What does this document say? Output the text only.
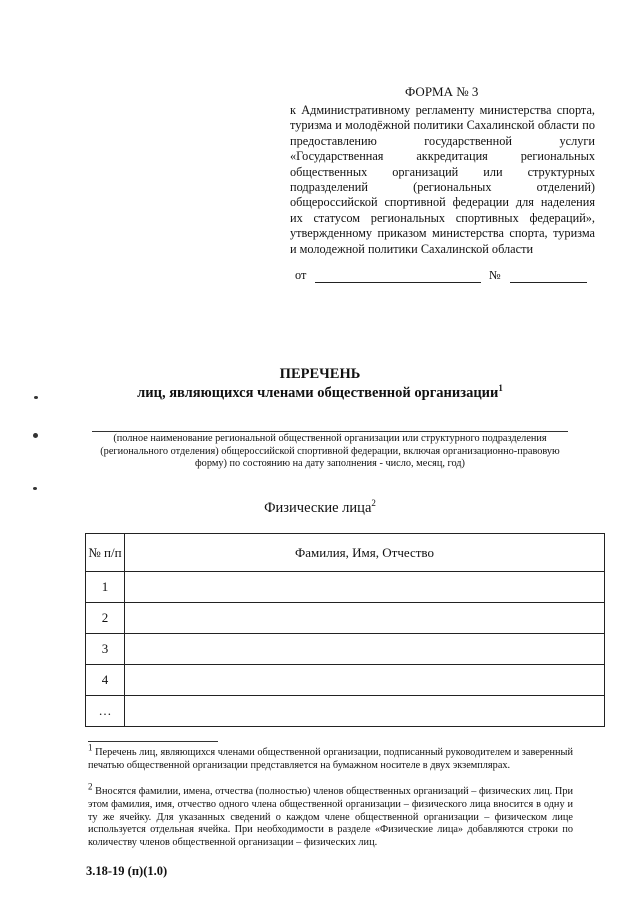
ФОРМА № 3
к Административному регламенту министерства спорта, туризма и молодёжной политики Сахалинской области по предоставлению государственной услуги «Государственная аккредитация региональных общественных организаций или структурных подразделений (региональных отделений) общероссийской спортивной федерации для наделения их статусом региональных спортивных федераций», утвержденному приказом министерства спорта, туризма и молодежной политики Сахалинской области
от	№
ПЕРЕЧЕНЬ
лиц, являющихся членами общественной организации$^1$
(полное наименование региональной общественной организации или структурного подразделения (регионального отделения) общероссийской спортивной федерации, включая организационно-правовую форму) по состоянию на дату заполнения - число, месяц, год)
Физические лица$^2$
№ п/п	Фамилия, Имя, Отчество
1	
2	
3	
4	
…	
$^1$ Перечень лиц, являющихся членами общественной организации, подписанный руководителем и заверенный печатью общественной организации представляется на бумажном носителе в двух экземплярах.
$^2$ Вносятся фамилии, имена, отчества (полностью) членов общественных организаций – физических лиц. При этом фамилия, имя, отчество одного члена общественной организации – физического лица вносится в одну и ту же ячейку. Для указанных сведений о каждом члене общественной организации – физическом лице используется отдельная ячейка. При необходимости в разделе «Физические лица» добавляются строки по количеству членов общественной организации – физических лиц.
3.18-19 (п)(1.0)
